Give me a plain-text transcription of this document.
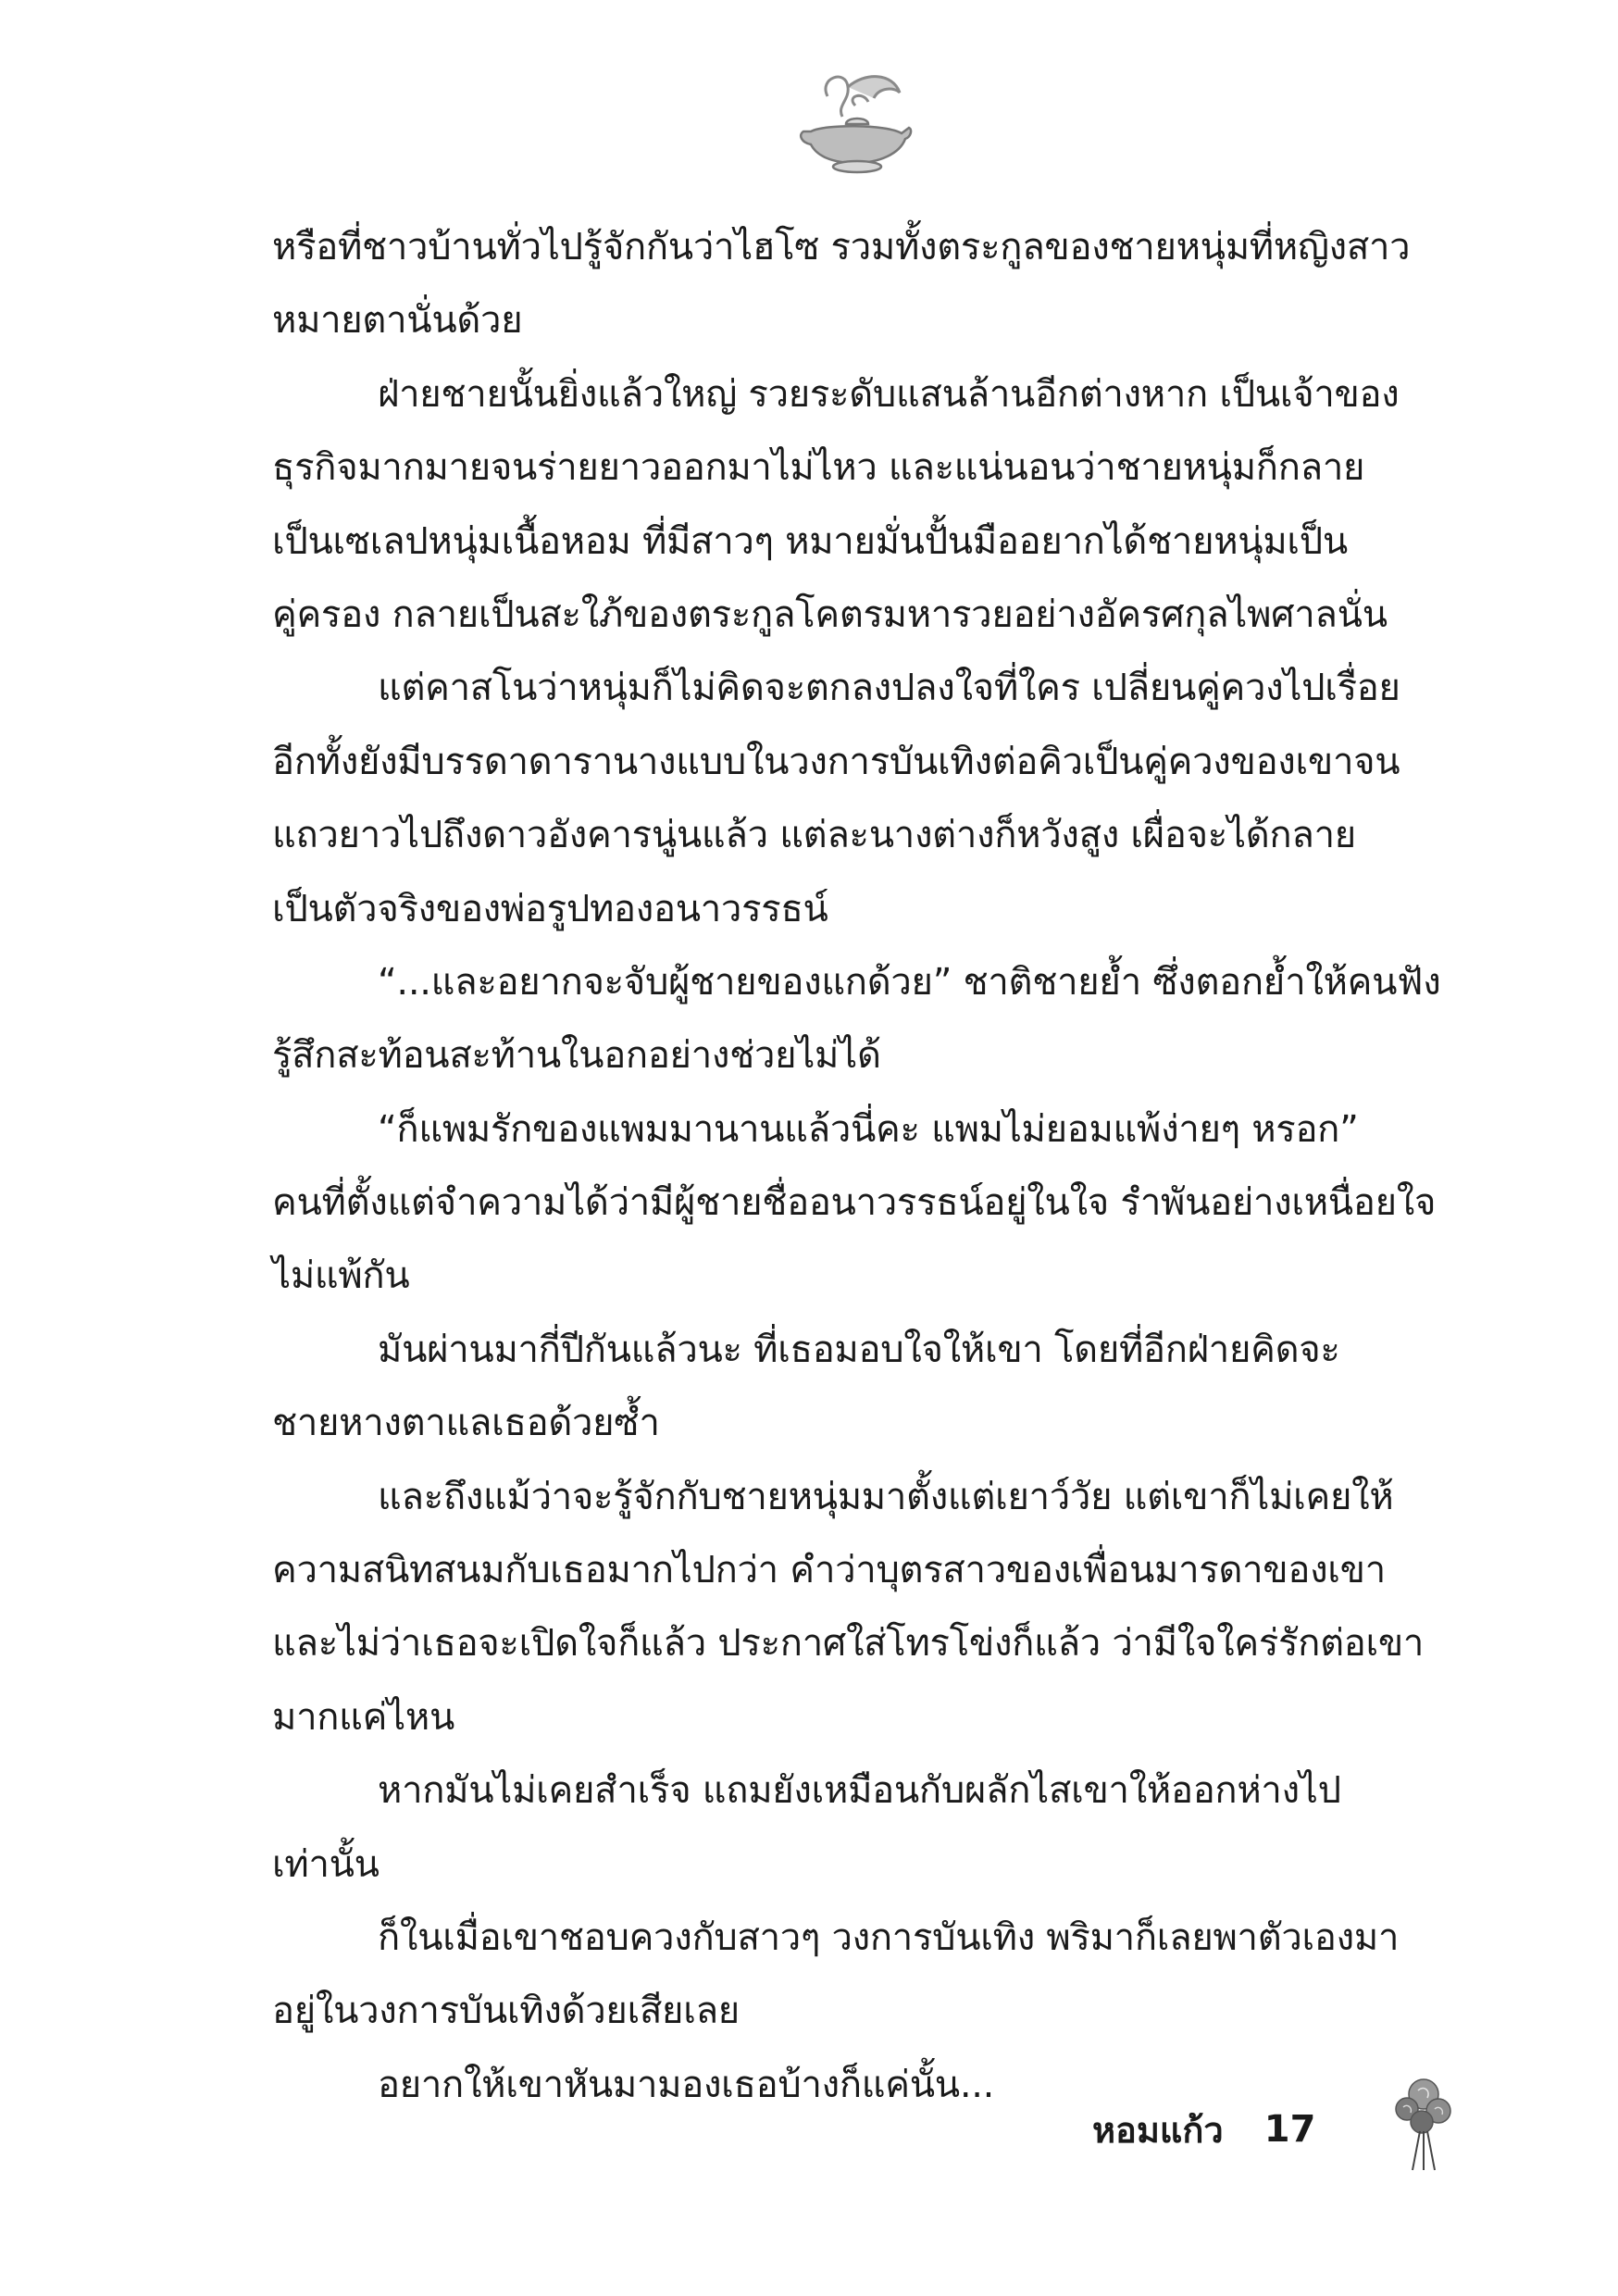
หรือที่ชาวบ้านทั่วไปรู้จักกันว่าไฮโซ รวมทั้งตระกูลของชายหนุ่มที่หญิงสาว
หมายตานั่นด้วย
ฝ่ายชายนั้นยิ่งแล้วใหญ่ รวยระดับแสนล้านอีกต่างหาก เป็นเจ้าของ
ธุรกิจมากมายจนร่ายยาวออกมาไม่ไหว และแน่นอนว่าชายหนุ่มก็กลาย
เป็นเซเลปหนุ่มเนื้อหอม ที่มีสาวๆ หมายมั่นปั้นมืออยากได้ชายหนุ่มเป็น
คู่ครอง กลายเป็นสะใภ้ของตระกูลโคตรมหารวยอย่างอัครศกุลไพศาลนั่น
แต่คาสโนว่าหนุ่มก็ไม่คิดจะตกลงปลงใจที่ใคร เปลี่ยนคู่ควงไปเรื่อย
อีกทั้งยังมีบรรดาดารานางแบบในวงการบันเทิงต่อคิวเป็นคู่ควงของเขาจน
แถวยาวไปถึงดาวอังคารนู่นแล้ว แต่ละนางต่างก็หวังสูง เผื่อจะได้กลาย
เป็นตัวจริงของพ่อรูปทองอนาวรรธน์
“...และอยากจะจับผู้ชายของแกด้วย” ชาติชายย้ำ ซึ่งตอกย้ำให้คนฟัง
รู้สึกสะท้อนสะท้านในอกอย่างช่วยไม่ได้
“ก็แพมรักของแพมมานานแล้วนี่คะ แพมไม่ยอมแพ้ง่ายๆ หรอก”
คนที่ตั้งแต่จำความได้ว่ามีผู้ชายชื่ออนาวรรธน์อยู่ในใจ รำพันอย่างเหนื่อยใจ
ไม่แพ้กัน
มันผ่านมากี่ปีกันแล้วนะ ที่เธอมอบใจให้เขา โดยที่อีกฝ่ายคิดจะ
ชายหางตาแลเธอด้วยซ้ำ
และถึงแม้ว่าจะรู้จักกับชายหนุ่มมาตั้งแต่เยาว์วัย แต่เขาก็ไม่เคยให้
ความสนิทสนมกับเธอมากไปกว่า คำว่าบุตรสาวของเพื่อนมารดาของเขา
และไม่ว่าเธอจะเปิดใจก็แล้ว ประกาศใส่โทรโข่งก็แล้ว ว่ามีใจใคร่รักต่อเขา
มากแค่ไหน
หากมันไม่เคยสำเร็จ แถมยังเหมือนกับผลักไสเขาให้ออกห่างไป
เท่านั้น
ก็ในเมื่อเขาชอบควงกับสาวๆ วงการบันเทิง พริมาก็เลยพาตัวเองมา
อยู่ในวงการบันเทิงด้วยเสียเลย
อยากให้เขาหันมามองเธอบ้างก็แค่นั้น...
หอมแก้ว 17
